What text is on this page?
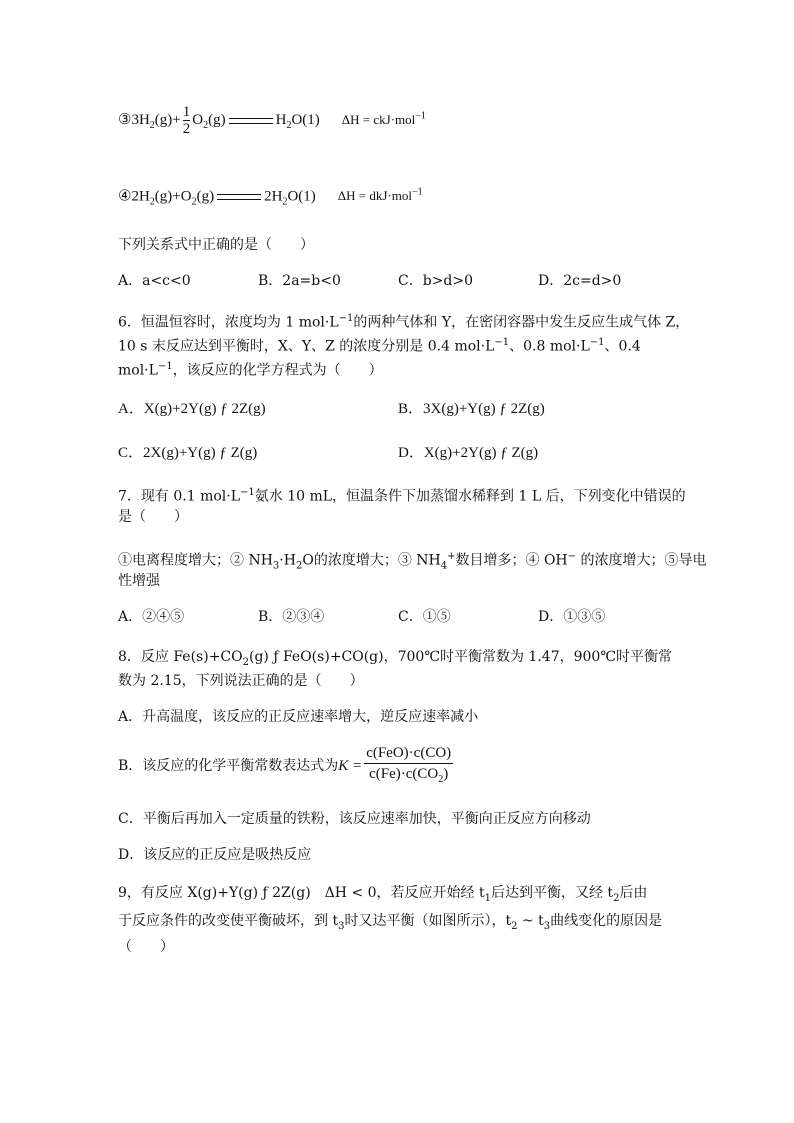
$③3H_2(g)+ \frac{1}{2} O_2(g)$	$H_2O(1) \Delta H = ckJ\cdot mol^{-1}$
$④2H_2(g)+O_2(g)$	$2H_2O(1) \Delta H = dkJ\cdot mol^{-1}$
下列关系式中正确的是（　　）
A．a<c<0	B．2a=b<0	C．b>d>0	D．2c=d>0
6．恒温恒容时，浓度均为 1 $mol\cdot L^{-1}$的两种气体和 Y，在密闭容器中发生反应生成气体 Z，
10 s 末反应达到平衡时，X、Y、Z 的浓度分别是 0.4 $mol\cdot L^{-1}$、0.8 $mol\cdot L^{-1}$、0.4
$mol\cdot L^{-1}$，该反应的化学方程式为（　　）
A．X(g)+2Y(g) ƒ 2Z(g)	B．3X(g)+Y(g) ƒ 2Z(g)
C．2X(g)+Y(g) ƒ Z(g)	D．X(g)+2Y(g) ƒ Z(g)
7．现有 0.1 $mol\cdot L^{-1}$氨水 10 mL，恒温条件下加蒸馏水稀释到 1 L 后，下列变化中错误的
是（　　）
①电离程度增大；② $NH_3\cdot H_2O$的浓度增大；③ $NH_4^+$数目增多；④ OH− 的浓度增大；⑤导电
性增强
A．②④⑤	B．②③④	C．①⑤	D．①③⑤
8．反应 $Fe(s)+CO_2(g)$ ƒ FeO(s)+CO(g)，700℃时平衡常数为 1.47，900℃时平衡常
数为 2.15，下列说法正确的是（　　）
A．升高温度，该反应的正反应速率增大，逆反应速率减小
B．该反应的化学平衡常数表达式为$K = \frac{\text{c(FeO)·c(CO)}}{c(Fe)\cdot c(CO_2)}$
C．平衡后再加入一定质量的铁粉，该反应速率加快，平衡向正反应方向移动
D．该反应的正反应是吸热反应
9，有反应 X(g)+Y(g) ƒ 2Z(g)　ΔH < 0，若反应开始经 $t_1$后达到平衡，又经 $t_2$后由
于反应条件的改变使平衡破坏，到 $t_3$时又达平衡（如图所示），$t_2$ ~ $t_3$曲线变化的原因是
（　　）
